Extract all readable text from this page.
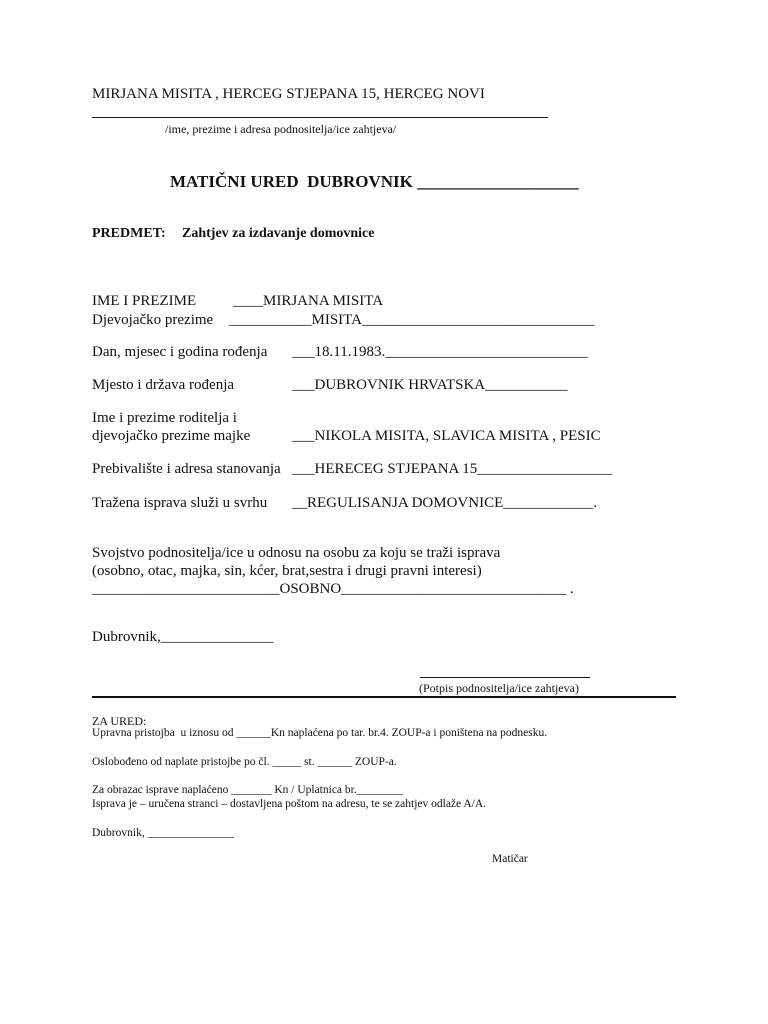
MIRJANA MISITA , HERCEG STJEPANA 15, HERCEG NOVI
/ime, prezime i adresa podnositelja/ice zahtjeva/
MATIČNI URED  DUBROVNIK ___________________
PREDMET: Zahtjev za izdavanje domovnice
IME I PREZIME ____MIRJANA MISITA
Djevojačko prezime ___________MISITA_______________________________
Dan, mjesec i godina rođenja ___18.11.1983.___________________________
Mjesto i država rođenja	___DUBROVNIK HRVATSKA___________
Ime i prezime roditelja i
djevojačko prezime majke	___NIKOLA MISITA, SLAVICA MISITA , PESIC
Prebivalište i adresa stanovanja ___HERECEG STJEPANA 15__________________
Tražena isprava služi u svrhu __REGULISANJA DOMOVNICE____________.
Svojstvo podnositelja/ice u odnosu na osobu za koju se traži isprava
(osobno, otac, majka, sin, kćer, brat,sestra i drugi pravni interesi)
_________________________OSOBNO______________________________ .
Dubrovnik,_______________
(Potpis podnositelja/ice zahtjeva)
ZA URED:
Upravna pristojba  u iznosu od ______Kn naplaćena po tar. br.4. ZOUP-a i poništena na podnesku.
Oslobođeno od naplate pristojbe po čl. _____ st. ______ ZOUP-a.
Za obrazac isprave naplaćeno _______ Kn / Uplatnica br.________
Isprava je – uručena stranci – dostavljena poštom na adresu, te se zahtjev odlaže A/A.
Dubrovnik, _______________
Matičar
